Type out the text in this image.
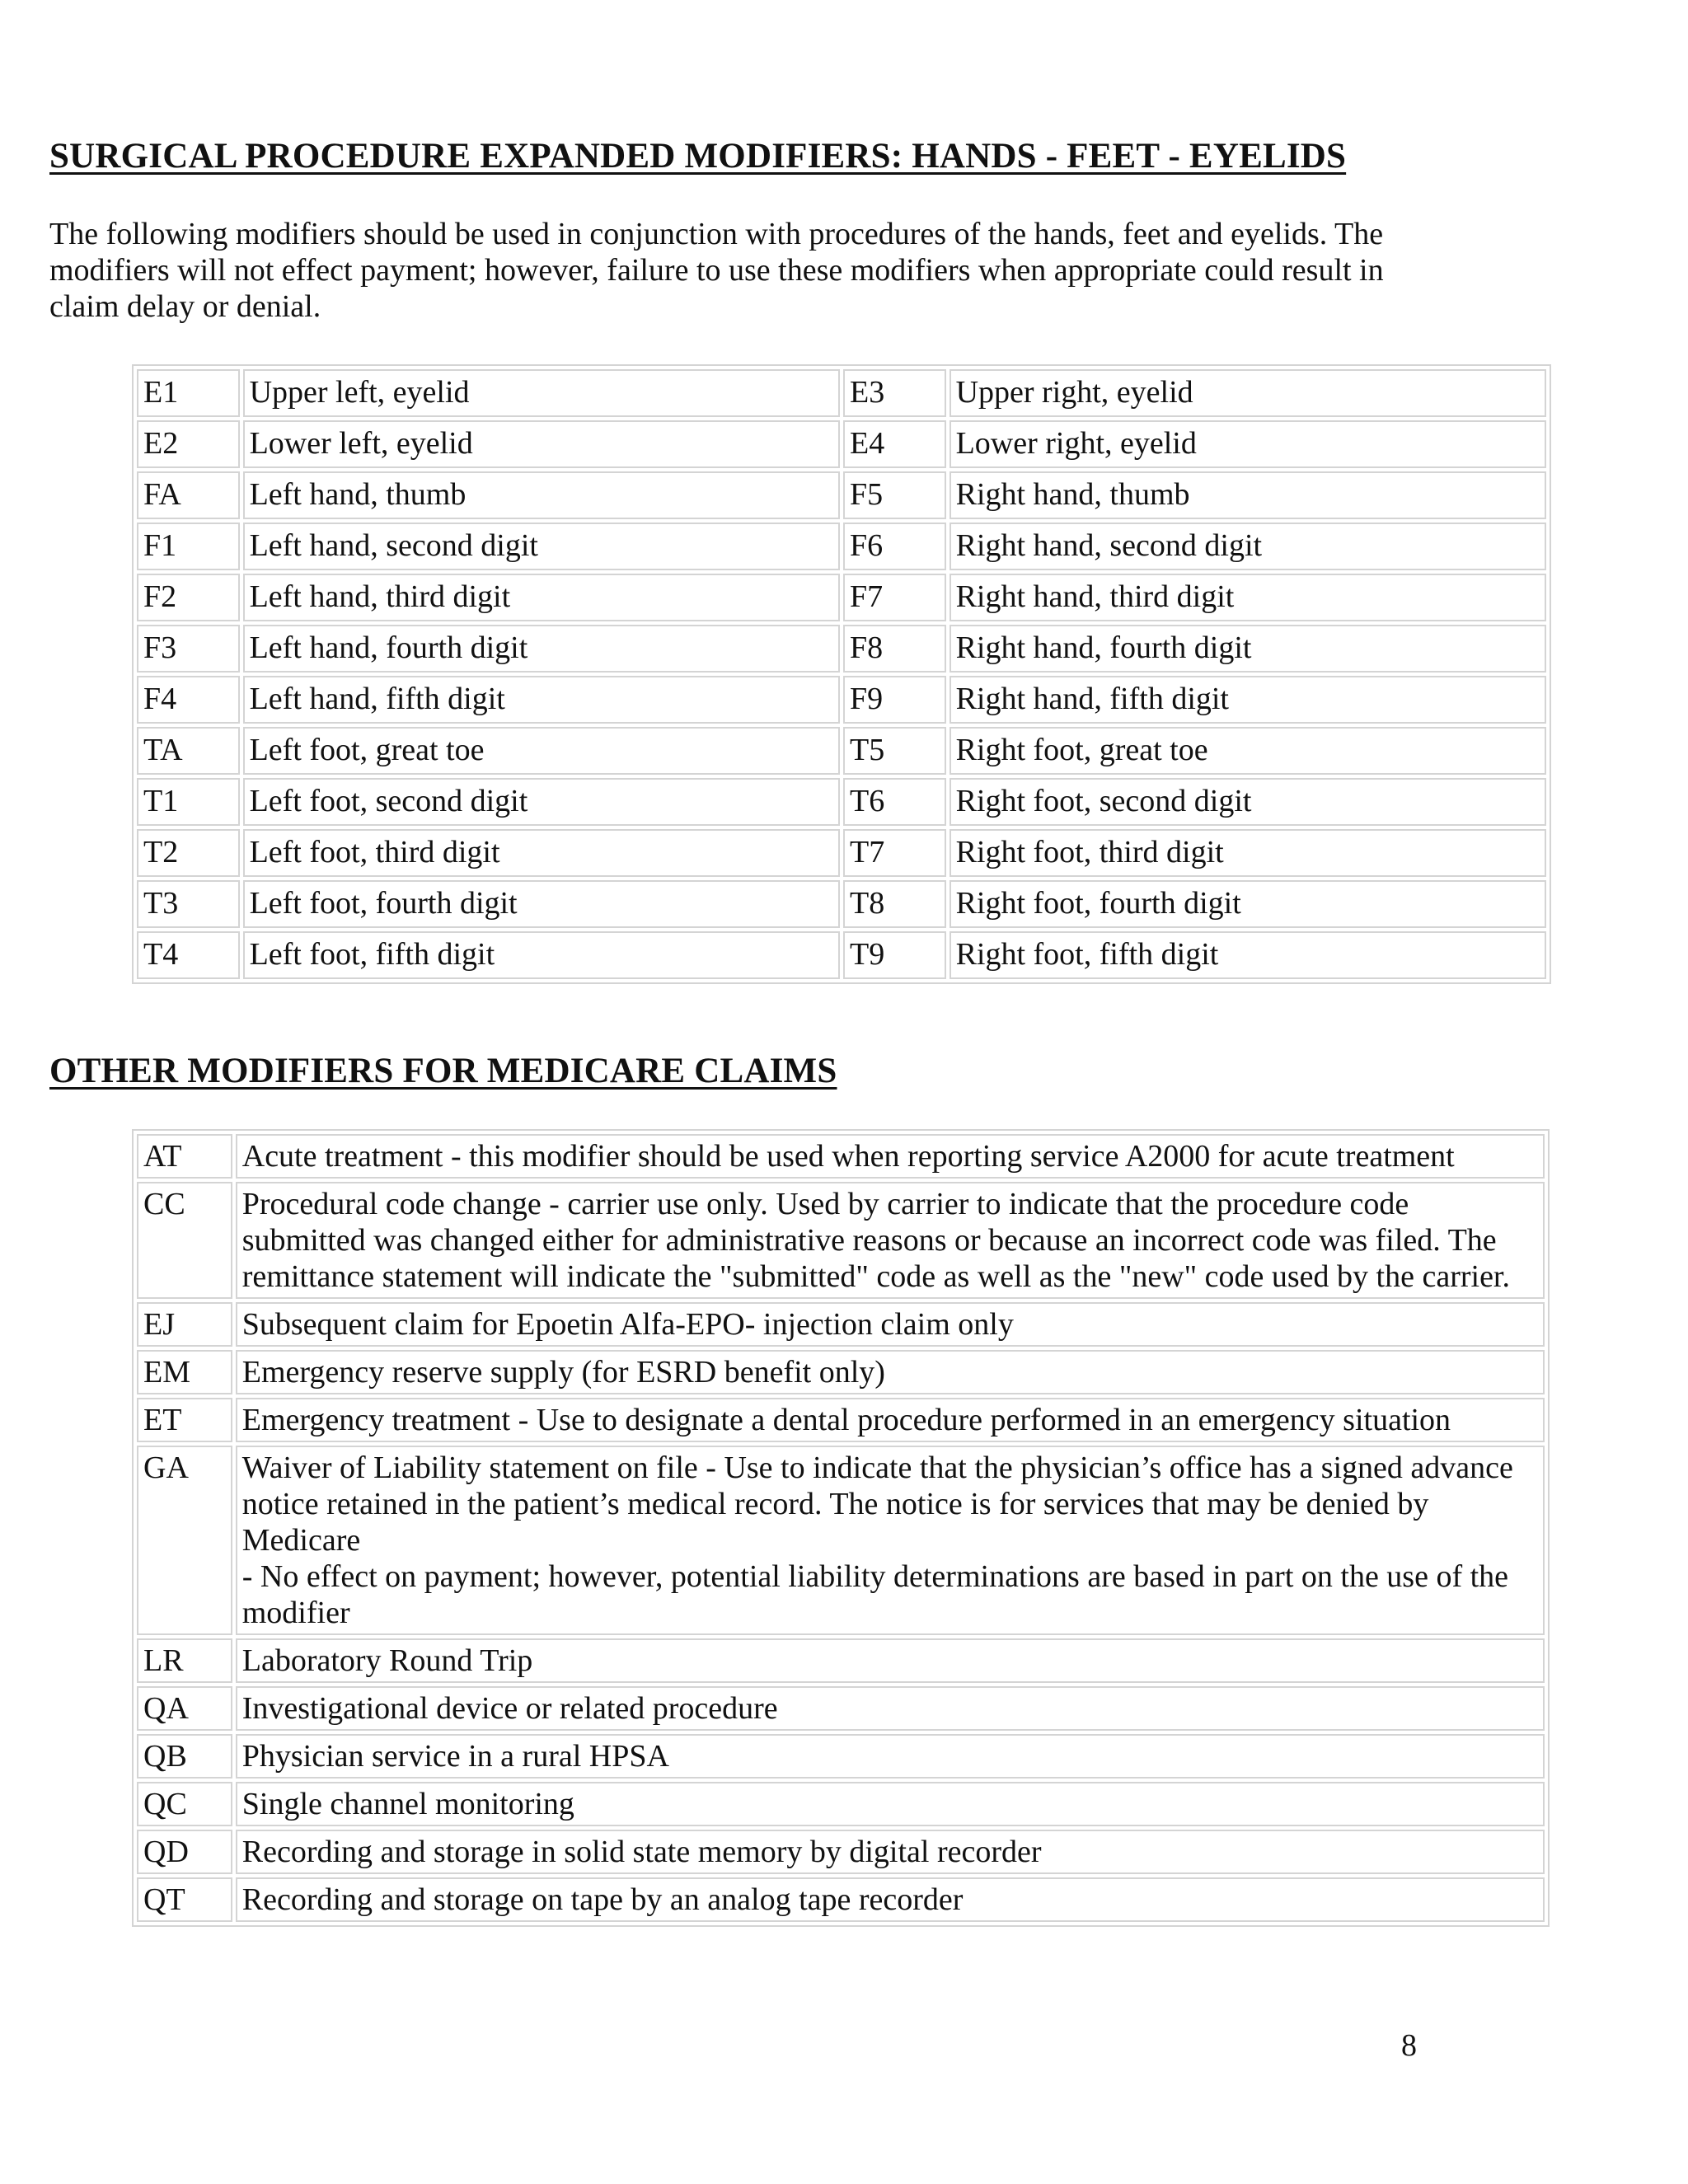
SURGICAL PROCEDURE EXPANDED MODIFIERS: HANDS - FEET - EYELIDS

The following modifiers should be used in conjunction with procedures of the hands, feet and eyelids. The modifiers will not effect payment; however, failure to use these modifiers when appropriate could result in claim delay or denial.

E1	Upper left, eyelid	E3	Upper right, eyelid
E2	Lower left, eyelid	E4	Lower right, eyelid
FA	Left hand, thumb	F5	Right hand, thumb
F1	Left hand, second digit	F6	Right hand, second digit
F2	Left hand, third digit	F7	Right hand, third digit
F3	Left hand, fourth digit	F8	Right hand, fourth digit
F4	Left hand, fifth digit	F9	Right hand, fifth digit
TA	Left foot, great toe	T5	Right foot, great toe
T1	Left foot, second digit	T6	Right foot, second digit
T2	Left foot, third digit	T7	Right foot, third digit
T3	Left foot, fourth digit	T8	Right foot, fourth digit
T4	Left foot, fifth digit	T9	Right foot, fifth digit
OTHER MODIFIERS FOR MEDICARE CLAIMS
AT	Acute treatment - this modifier should be used when reporting service A2000 for acute treatment

CC	Procedural code change - carrier use only. Used by carrier to indicate that the procedure code submitted was changed either for administrative reasons or because an incorrect code was filed. The remittance statement will indicate the "submitted" code as well as the "new" code used by the carrier.

EJ	Subsequent claim for Epoetin Alfa-EPO- injection claim only

EM	Emergency reserve supply (for ESRD benefit only)

ET	Emergency treatment - Use to designate a dental procedure performed in an emergency situation

GA	Waiver of Liability statement on file - Use to indicate that the physician’s office has a signed advance notice retained in the patient’s medical record. The notice is for services that may be denied by Medicare
- No effect on payment; however, potential liability determinations are based in part on the use of the modifier

LR	Laboratory Round Trip

QA	Investigational device or related procedure

QB	Physician service in a rural HPSA

QC	Single channel monitoring

QD	Recording and storage in solid state memory by digital recorder

QT	Recording and storage on tape by an analog tape recorder
8
